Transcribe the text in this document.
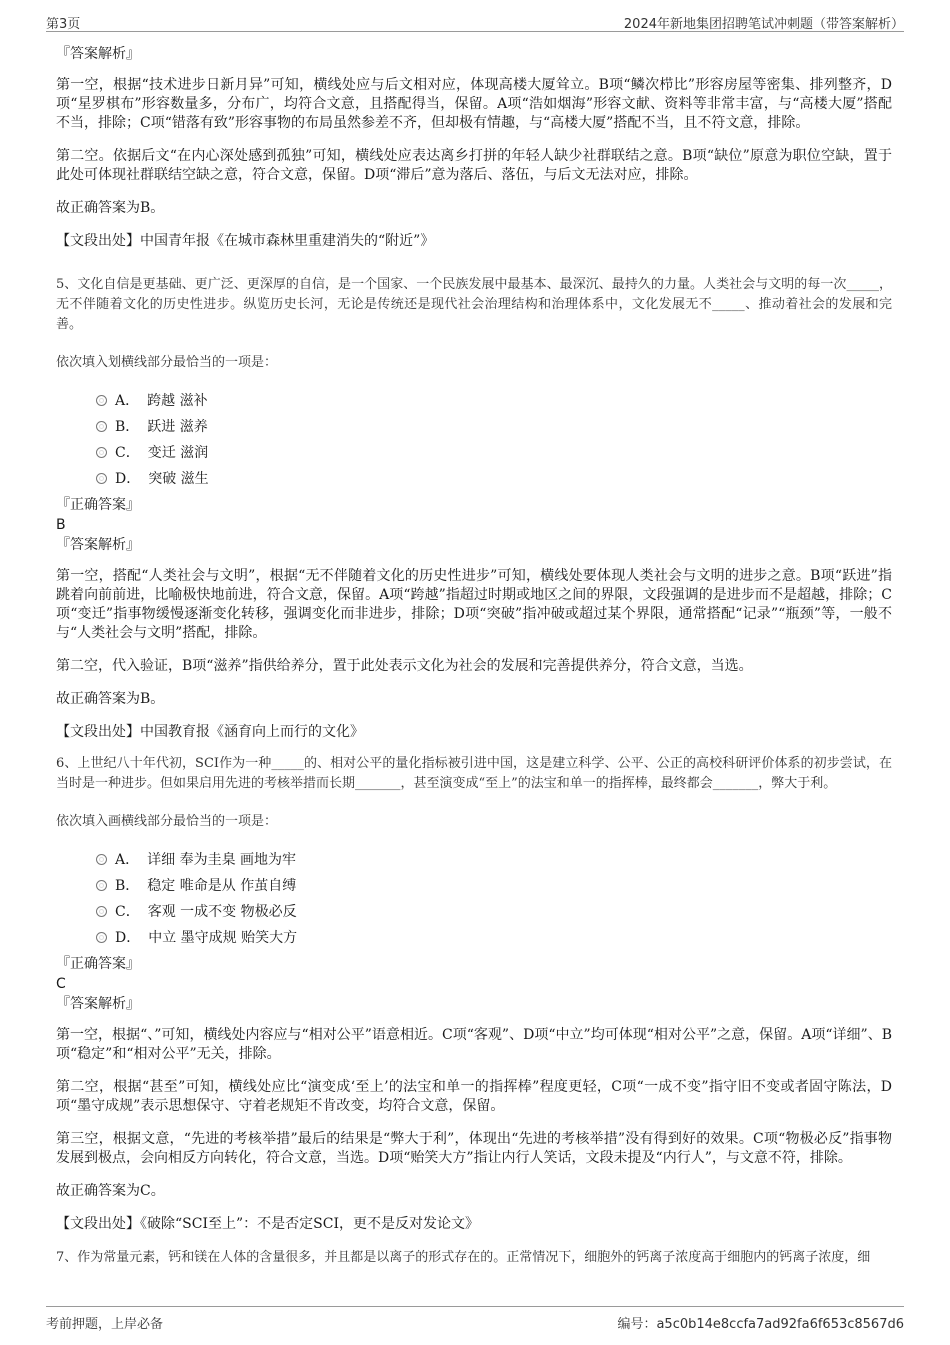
第3页	2024年新地集团招聘笔试冲刺题（带答案解析）
『答案解析』

第一空，根据“技术进步日新月异”可知，横线处应与后文相对应，体现高楼大厦耸立。B项“鳞次栉比”形容房屋等密集、排列整齐，D项“星罗棋布”形容数量多，分布广，均符合文意，且搭配得当，保留。A项“浩如烟海”形容文献、资料等非常丰富，与“高楼大厦”搭配不当，排除；C项“错落有致”形容事物的布局虽然参差不齐，但却极有情趣，与“高楼大厦”搭配不当，且不符文意，排除。

第二空。依据后文“在内心深处感到孤独”可知，横线处应表达离乡打拼的年轻人缺少社群联结之意。B项“缺位”原意为职位空缺，置于此处可体现社群联结空缺之意，符合文意，保留。D项“滞后”意为落后、落伍，与后文无法对应，排除。

故正确答案为B。

【文段出处】中国青年报《在城市森林里重建消失的“附近”》

5、文化自信是更基础、更广泛、更深厚的自信，是一个国家、一个民族发展中最基本、最深沉、最持久的力量。人类社会与文明的每一次_____，无不伴随着文化的历史性进步。纵览历史长河，无论是传统还是现代社会治理结构和治理体系中，文化发展无不_____、推动着社会的发展和完善。

依次填入划横线部分最恰当的一项是：

A． 跨越 滋补
B． 跃进 滋养
C． 变迁 滋润
D． 突破 滋生
『正确答案』
B
『答案解析』

第一空，搭配“人类社会与文明”，根据“无不伴随着文化的历史性进步”可知，横线处要体现人类社会与文明的进步之意。B项“跃进”指跳着向前前进，比喻极快地前进，符合文意，保留。A项“跨越”指超过时期或地区之间的界限，文段强调的是进步而不是超越，排除；C项“变迁”指事物缓慢逐渐变化转移，强调变化而非进步，排除；D项“突破”指冲破或超过某个界限，通常搭配“记录”“瓶颈”等，一般不与“人类社会与文明”搭配，排除。

第二空，代入验证，B项“滋养”指供给养分，置于此处表示文化为社会的发展和完善提供养分，符合文意，当选。

故正确答案为B。

【文段出处】中国教育报《涵育向上而行的文化》

6、上世纪八十年代初，SCI作为一种_____的、相对公平的量化指标被引进中国，这是建立科学、公平、公正的高校科研评价体系的初步尝试，在当时是一种进步。但如果启用先进的考核举措而长期_______，甚至演变成“至上”的法宝和单一的指挥棒，最终都会_______，弊大于利。

依次填入画横线部分最恰当的一项是：

A． 详细 奉为圭臬 画地为牢
B． 稳定 唯命是从 作茧自缚
C． 客观 一成不变 物极必反
D． 中立 墨守成规 贻笑大方
『正确答案』
C
『答案解析』

第一空，根据“、”可知，横线处内容应与“相对公平”语意相近。C项“客观”、D项“中立”均可体现“相对公平”之意，保留。A项“详细”、B项“稳定”和“相对公平”无关，排除。

第二空，根据“甚至”可知，横线处应比“演变成‘至上’的法宝和单一的指挥棒”程度更轻，C项“一成不变”指守旧不变或者固守陈法，D项“墨守成规”表示思想保守、守着老规矩不肯改变，均符合文意，保留。

第三空，根据文意，“先进的考核举措”最后的结果是“弊大于利”，体现出“先进的考核举措”没有得到好的效果。C项“物极必反”指事物发展到极点，会向相反方向转化，符合文意，当选。D项“贻笑大方”指让内行人笑话，文段未提及“内行人”，与文意不符，排除。

故正确答案为C。

【文段出处】《破除“SCI至上”：不是否定SCI，更不是反对发论文》

7、作为常量元素，钙和镁在人体的含量很多，并且都是以离子的形式存在的。正常情况下，细胞外的钙离子浓度高于细胞内的钙离子浓度，细
考前押题，上岸必备	编号：a5c0b14e8ccfa7ad92fa6f653c8567d6
